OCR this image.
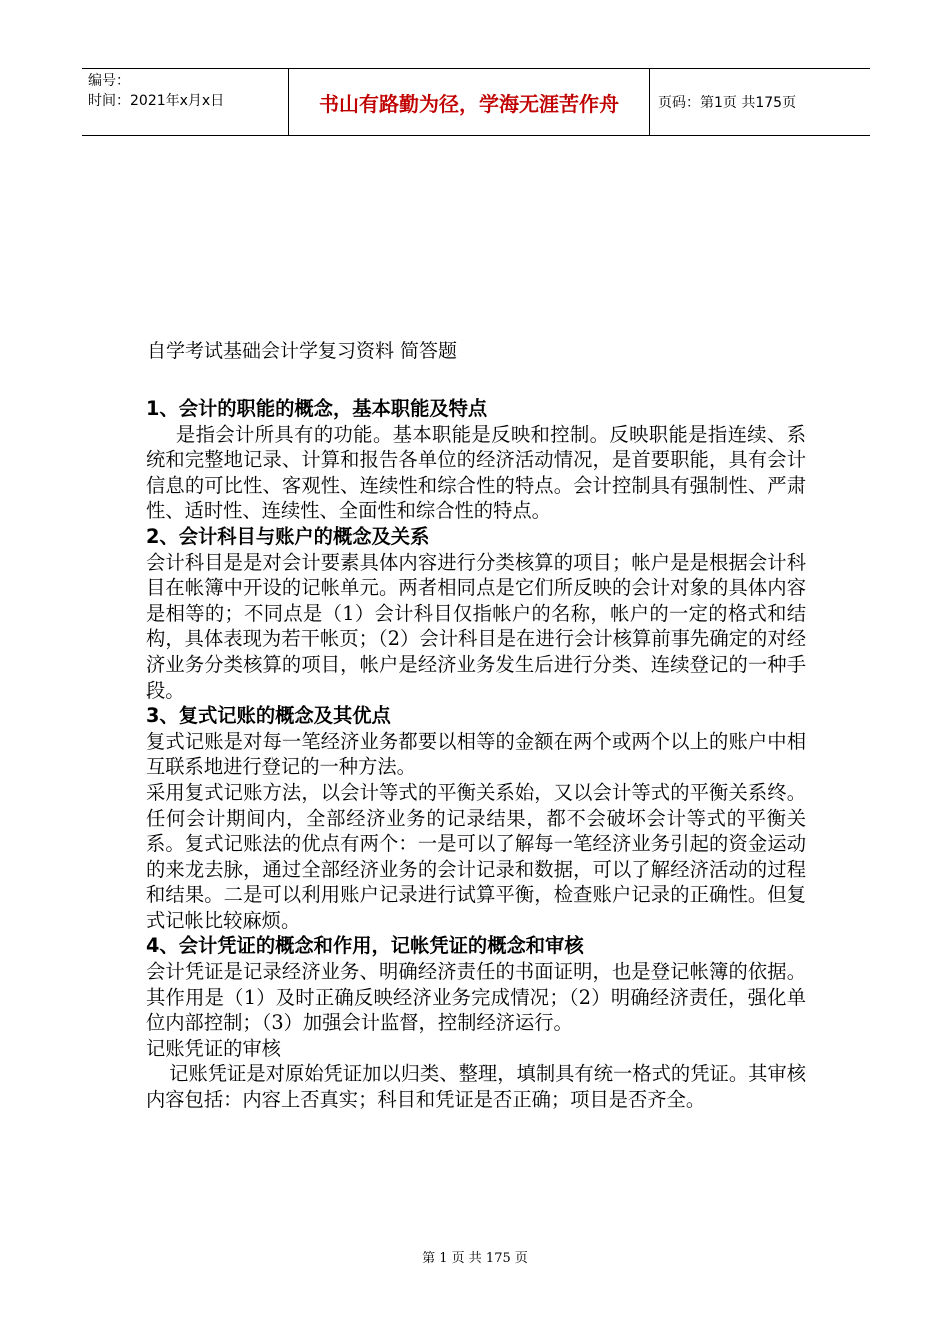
编号：
时间：2021年x月x日	书山有路勤为径，学海无涯苦作舟	页码：第1页 共175页
自学考试基础会计学复习资料 简答题
1、会计的职能的概念，基本职能及特点

是指会计所具有的功能。基本职能是反映和控制。反映职能是指连续、系统和完整地记录、计算和报告各单位的经济活动情况，是首要职能，具有会计信息的可比性、客观性、连续性和综合性的特点。会计控制具有强制性、严肃性、适时性、连续性、全面性和综合性的特点。

2、会计科目与账户的概念及关系

会计科目是是对会计要素具体内容进行分类核算的项目；帐户是是根据会计科目在帐簿中开设的记帐单元。两者相同点是它们所反映的会计对象的具体内容是相等的；不同点是（1）会计科目仅指帐户的名称，帐户的一定的格式和结构，具体表现为若干帐页；（2）会计科目是在进行会计核算前事先确定的对经济业务分类核算的项目，帐户是经济业务发生后进行分类、连续登记的一种手段。

3、复式记账的概念及其优点

复式记账是对每一笔经济业务都要以相等的金额在两个或两个以上的账户中相互联系地进行登记的一种方法。

采用复式记账方法，以会计等式的平衡关系始，又以会计等式的平衡关系终。任何会计期间内，全部经济业务的记录结果，都不会破坏会计等式的平衡关系。复式记账法的优点有两个：一是可以了解每一笔经济业务引起的资金运动的来龙去脉，通过全部经济业务的会计记录和数据，可以了解经济活动的过程和结果。二是可以利用账户记录进行试算平衡，检查账户记录的正确性。但复式记帐比较麻烦。

4、会计凭证的概念和作用，记帐凭证的概念和审核

会计凭证是记录经济业务、明确经济责任的书面证明，也是登记帐簿的依据。其作用是（1）及时正确反映经济业务完成情况；（2）明确经济责任，强化单位内部控制；（3）加强会计监督，控制经济运行。

记账凭证的审核

记账凭证是对原始凭证加以归类、整理，填制具有统一格式的凭证。其审核内容包括：内容上否真实；科目和凭证是否正确；项目是否齐全。

第 1 页 共 175 页
